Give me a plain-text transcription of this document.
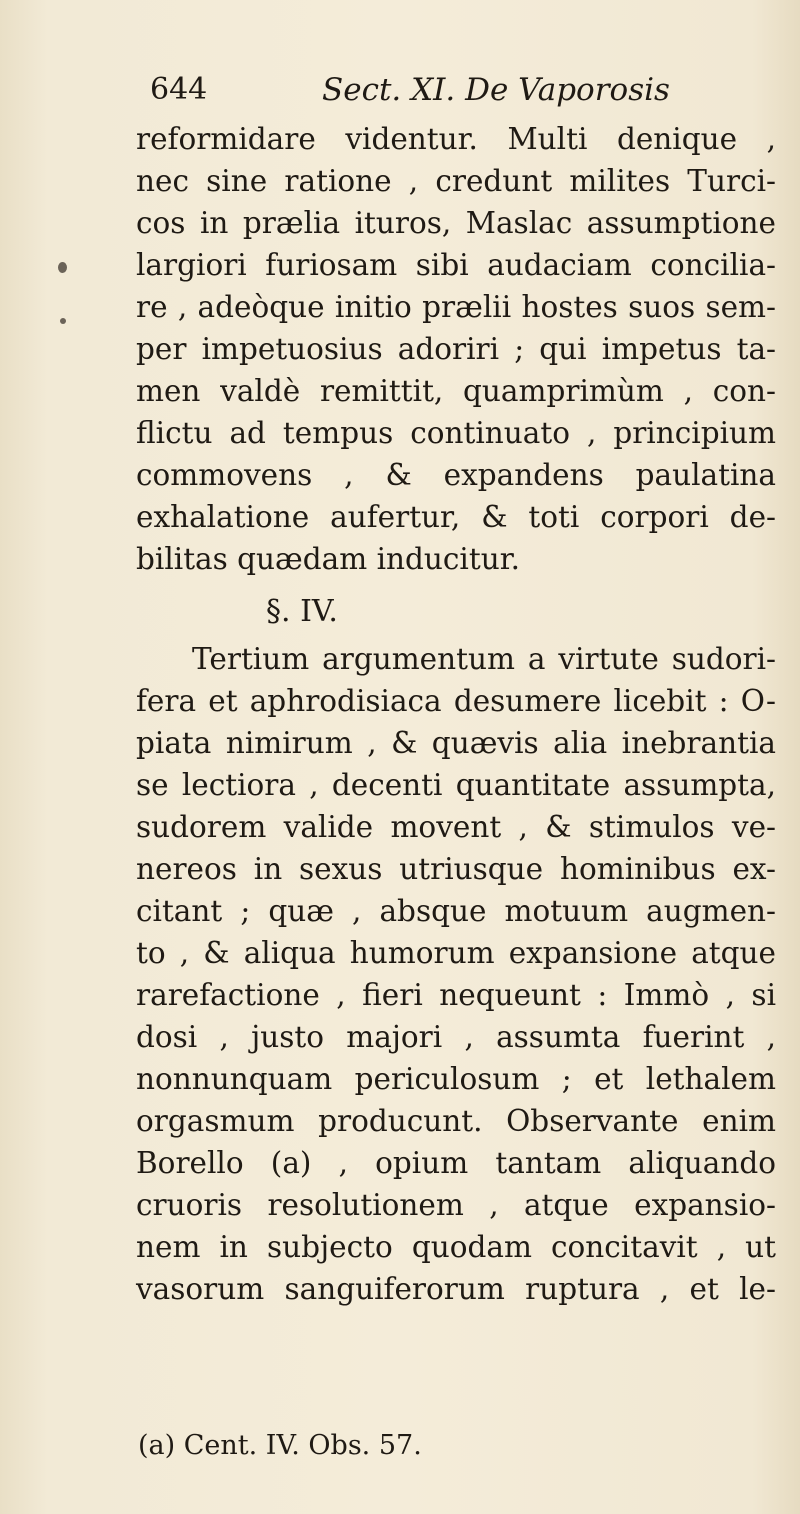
644	Sect. XI. De Vaporosis
reformidare videntur. Multi denique ,
nec sine ratione , credunt milites Turci-
cos in prælia ituros, Maslac assumptione
largiori furiosam sibi audaciam concilia-
re , adeòque initio prælii hostes suos sem-
per impetuosius adoriri ; qui impetus ta-
men valdè remittit, quamprimùm , con-
flictu ad tempus continuato , principium
commovens , & expandens paulatina
exhalatione aufertur, & toti corpori de-
bilitas quædam inducitur.
§. IV.
Tertium argumentum a virtute sudori-
fera et aphrodisiaca desumere licebit : O-
piata nimirum , & quævis alia inebrantia
se lectiora , decenti quantitate assumpta,
sudorem valide movent , & stimulos ve-
nereos in sexus utriusque hominibus ex-
citant ; quæ , absque motuum augmen-
to , & aliqua humorum expansione atque
rarefactione , fieri nequeunt : Immò , si
dosi , justo majori , assumta fuerint ,
nonnunquam periculosum ; et lethalem
orgasmum producunt. Observante enim
Borello (a) , opium tantam aliquando
cruoris resolutionem , atque expansio-
nem in subjecto quodam concitavit , ut
vasorum sanguiferorum ruptura , et le-
(a) Cent. IV. Obs. 57.
